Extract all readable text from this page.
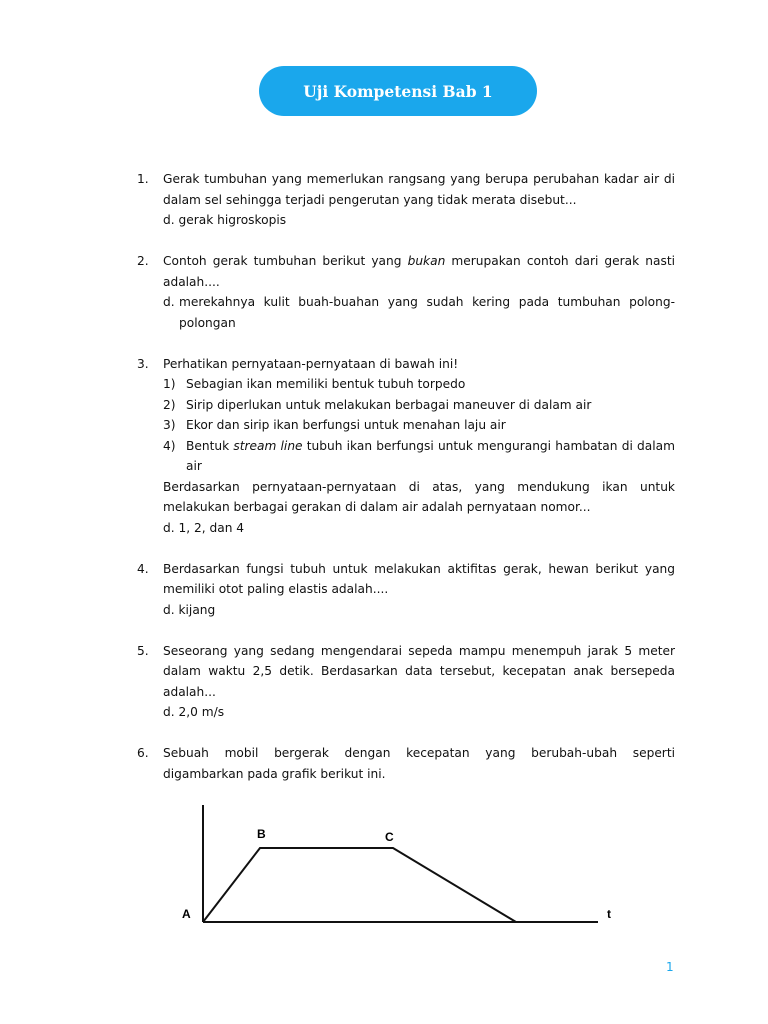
Uji Kompetensi Bab 1
1.	Gerak tumbuhan yang memerlukan rangsang yang berupa perubahan kadar air di dalam sel sehingga terjadi pengerutan yang tidak merata disebut...
d. gerak higroskopis
2.	Contoh gerak tumbuhan berikut yang bukan merupakan contoh dari gerak nasti adalah....
d. merekahnya kulit buah-buahan yang sudah kering pada tumbuhan polong-polongan
3.	Perhatikan pernyataan-pernyataan di bawah ini!
1) Sebagian ikan memiliki bentuk tubuh torpedo
2) Sirip diperlukan untuk melakukan berbagai maneuver di dalam air
3) Ekor dan sirip ikan berfungsi untuk menahan laju air
4) Bentuk stream line tubuh ikan berfungsi untuk mengurangi hambatan di dalam air
Berdasarkan pernyataan-pernyataan di atas, yang mendukung ikan untuk melakukan berbagai gerakan di dalam air adalah pernyataan nomor...
d. 1, 2, dan 4
4.	Berdasarkan fungsi tubuh untuk melakukan aktifitas gerak, hewan berikut yang memiliki otot paling elastis adalah....
d. kijang
5.	Seseorang yang sedang mengendarai sepeda mampu menempuh jarak 5 meter dalam waktu 2,5 detik. Berdasarkan data tersebut, kecepatan anak bersepeda adalah...
d. 2,0 m/s
6.	Sebuah mobil bergerak dengan kecepatan yang berubah-ubah seperti digambarkan pada grafik berikut ini.
A
B	C
t
1
